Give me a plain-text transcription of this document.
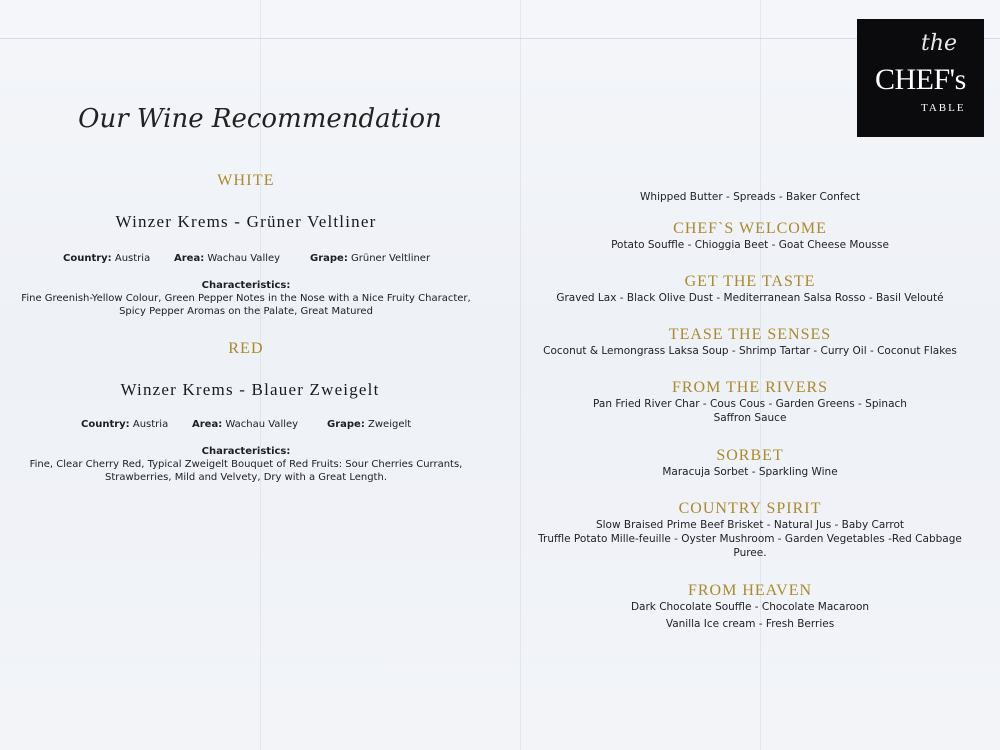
the
CHEF's
TABLE
Our Wine Recommendation
WHITE
Winzer Krems - Grüner Veltliner
Country: Austria Area: Wachau Valley	Grape: Grüner Veltliner
Characteristics:
Fine Greenish-Yellow Colour, Green Pepper Notes in the Nose with a Nice Fruity Character,
Spicy Pepper Aromas on the Palate, Great Matured
RED
Winzer Krems - Blauer Zweigelt
Country: Austria Area: Wachau Valley	Grape: Zweigelt
Characteristics:
Fine, Clear Cherry Red, Typical Zweigelt Bouquet of Red Fruits: Sour Cherries Currants,
Strawberries, Mild and Velvety, Dry with a Great Length.
Whipped Butter - Spreads - Baker Confect
CHEF`S WELCOME
Potato Souffle - Chioggia Beet - Goat Cheese Mousse
GET THE TASTE
Graved Lax - Black Olive Dust - Mediterranean Salsa Rosso - Basil Velouté
TEASE THE SENSES
Coconut & Lemongrass Laksa Soup - Shrimp Tartar - Curry Oil - Coconut Flakes
FROM THE RIVERS
Pan Fried River Char - Cous Cous - Garden Greens - Spinach
Saffron Sauce
SORBET
Maracuja Sorbet - Sparkling Wine
COUNTRY SPIRIT
Slow Braised Prime Beef Brisket - Natural Jus - Baby Carrot
Truffle Potato Mille-feuille - Oyster Mushroom - Garden Vegetables -Red Cabbage
Puree.
FROM HEAVEN
Dark Chocolate Souffle - Chocolate Macaroon
Vanilla Ice cream - Fresh Berries
